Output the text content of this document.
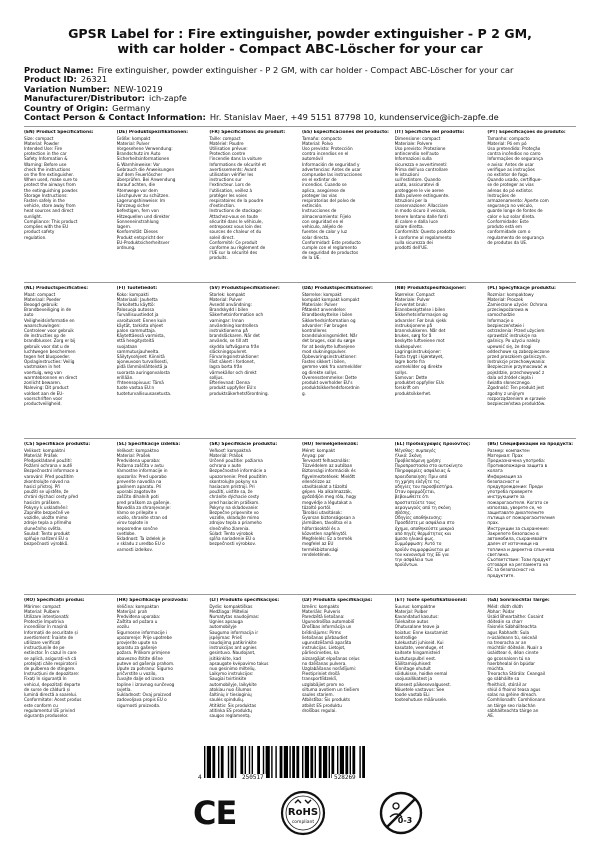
GPSR Label for : Fire extinguisher, powder extinguisher - P 2 GM,
with car holder - Compact ABC-Löscher for your car
Product Name: Fire extinguisher, powder extinguisher - P 2 GM, with car holder - Compact ABC-Löscher for your car
Product ID: 26321
Variation Number: NEW-10219
Manufacturer/Distributor: ich-zapfe
Country of Origin: Germany
Contact Person & Contact Information: Hr. Stanislav Maer, +49 5151 87798 10, kundenservice@ich-zapfe.de
(EN) Product Specifications:
Size: compact
Material: Powder
Intended Use: Fire
protection in the car
Safety Information &
Warning: Before use
check the instructions
on the fire extinguisher.
When used, make sure to
protect the airways from
the extinguishing powder.
Storage Instructions:
Fasten safely in the
vehicle, store away from
heat sources and direct
sunlight.
Compliance: This product
complies with the EU
product safety
regulation.
(DE) Produktspezifikationen:
Größe: kompakt
Material: Pulver
Vorgesehene Verwendung:
Brandschutz im Auto
Sicherheitsinformationen
& Warnhinweise: Vor
Gebrauch die Anweisungen
auf dem Feuerlöscher
überprüfen. Bei Anwendung
darauf achten, die
Atemwege vor dem
Löschpulver zu schützen.
Lagerungshinweise: Im
Fahrzeug sicher
befestigen, fern von
Hitzequellen und direkter
Sonneneinstrahlung
lagern.
Konformität: Dieses
Produkt entspricht der
EU-Produktsicherheitsver
ordnung.
(FR) Spécifications du produit:
Taille: compact
Matériel: Poudre
Utilisation prévue:
Protection contre
l'incendie dans la voiture
Informations de sécurité et
avertissements: Avant
utilisation vérifier les
instructions sur
l'extincteur. Lors de
l'utilisation, veillez à
protéger les voies
respiratoires de la poudre
d'extinction.
Instructions de stockage:
Attachez-vous en toute
sécurité dans le véhicule,
entreposez vous loin des
sources de chaleur et du
soleil direct.
Conformité: Ce produit
conforme au règlement de
l'UE sur la sécurité des
produits.
(ES) Especificaciones del producto:
Tamaño: compacto
Material: Polvo
Uso previsto: Protección
contra incendios en el
automóvil
Información de seguridad y
advertencias: Antes de usar
compruebe las instrucciones
en el extintor de
incendios. Cuando se
aplica, asegúrese de
proteger las vías
respiratorias del polvo de
extinción.
Instrucciones de
almacenamiento: Fíjelo
con seguridad en el
vehículo, aléjelo de
fuentes de calor y luz
solar directa.
Conformidad: Este producto
cumple con el reglamento
de seguridad de productos
de la UE.
(IT) Specifiche del prodotto:
Dimensione: compact
Materiale: Polvere
Uso previsto: Protezione
antincendio nell'auto
Informazioni sulla
sicurezza e avvertimenti:
Prima dell'uso controllare
le istruzioni
sull'estintore. Quando
usato, assicuratevi di
proteggere le vie aeree
dalla polvere estinguente.
Istruzioni per la
conservazione: Allacciare
in modo sicuro il veicolo,
tenere lontano dalle fonti
di calore e dalla luce
solare diretta.
Conformità: Questo prodotto
è conforme al regolamento
sulla sicurezza dei
prodotti dell'UE.
(PT) Especificações do produto:
Tamanho: compacto
Material: Pó em pó
Uso pretendido: Proteção
contra incêndios no carro
Informações de segurança
e aviso: Antes de usar
verifique as instruções
no extintor de fogo.
Quando usado, certifique-
se de proteger as vias
aéreas do pó extintor.
Instruções de
armazenamento: Aperte com
segurança no veículo,
guarde longe de fontes de
calor e luz solar direta.
Conformidade: Este
produto está em
conformidade com o
regulamento de segurança
de produtos da UE.
(NL) Productspecificaties:
Maat: compact
Materiaal: Poeder
Beoogd gebruik:
Brandbeveiliging in de
auto
Veiligheidsinformatie en
waarschuwingen:
Controleer voor gebruik
de instructies op de
brandblusser. Zorg er bij
gebruik voor dat u de
luchtwegen beschermen
tegen het bluspoeder.
Opslaginstructies: Veilig
vastmaken in het
voertuig, weg van
warmtebronnen en direct
zonlicht bewaren.
Naleving: Dit product
voldoet aan de EU-
voorschriften voor
productveiligheid.
(FI) Tuotetiedot:
Koko: kompakti
Materiaali: Jauhetta
Tarkoitettu käyttö:
Palosuoja autossa
Turvallisuustiedot ja
varoitukset: Ennen kuin
käytät, tarkista ohjeet
palon sammuttaja.
Käytettäessä varmista,
että hengitysteitä
suojataan
sammutusjauheelta.
Säilytysohjeet: Kiinnitä
ajoneuvoon turvallisesti,
pidä lämmönlähteistä ja
suorasta auringonvalosta
erillään.
Yhteensopivuus: Tämä
tuote vastaa EU:n
tuoteturvallisuusasetusta.
(SV) Produktspecifikationer:
Storlek: kompakt
Material: Pulver
Avsedd användning:
Brandskydd i bilen
Säkerhetsinformation och
varningar: Innan
användning kontrollera
instruktionerna på
brandsläckaren. När det
används, se till att
skydda luftvägarna från
släckningspulvret.
Förvaringsinstruktioner:
Fäst säkert i fordonet,
lagra borta från
värmekällor och direkt
solljus.
Efterlevnad: Denna
produkt uppfyller EU:s
produktsäkerhetsförordning.
(DA) Produktspecifikationer:
Størrelse: kompakt
kompakt kompakt kompakt
Materiale: Pulver
Påtænkt anvendelse:
Brandbeskyttelse i bilen
Sikkerhedsinformation og
advarsler: Før brugen
kontrolleres
brandslukningsmidlet. Når
det bruges, skal du sørge
for at beskytte luftvejene
mod slukningspulver.
Opbevaringsinstruktioner:
Fastes sikkert i bilen,
gemme væk fra varmekilder
og direkte sollys.
Overensstemmelse: Dette
produkt overholder EU's
produktsikkerhedsforordnin
g.
(NB) Produktspesifikasjoner:
Størrelse: Compact
Materiale: Pulver
Forventet bruk:
Brannbeskyttelse i bilen
Sikkerhetsinformasjon og
advarsler: Før bruk sjekk
instruksjonene på
brannslukkeren. Når det
brukes, sørg for å
beskytte luftveiene mot
slukkepulver.
Lagringsinstruksjoner:
Fasta trygt i kjøretøyet,
lagre borte fra
varmekilder og direkte
sollys.
Samsvar: Dette
produktet oppfyller EUs
forskrift om
produktsikkerhet.
(PL) Specyfikacje produktu:
Rozmiar: kompaktowy
Materiał: Proszek
Zamierzone użycie: Ochrona
przeciwpożarowa w
samochodzie
Informacje o
bezpieczeństwie i
ostrzeżenia: Przed użyciem
sprawdzić instrukcje na
gaśnicy. Po użyciu należy
upewnić się, że drogi
oddechowe są zabezpieczone
przed proszkiem gaśniczym.
Instrukcje przechowywania:
Bezpiecznie przymocować w
pojeździe, przechowywać z
dala od źródeł ciepła i
światła słonecznego.
Zgodność: Ten produkt jest
zgodny z unijnym
rozporządzeniem w sprawie
bezpieczeństwa produktów.
(CS) Specifikace produktu:
Velikost: kompaktní
Materiál: Prášek
Předpokládané použití:
Požární ochrana v autě
Bezpečnostní informace a
varování: Před použitím
zkontrolujte návod na
hasicí přístroj. Při
použití se ujistěte, že
chrání dýchací cesty před
hasicím práškem.
Pokyny k uskladnění:
Zapněte bezpečně ve
vozidle, uložte mimo
zdroje tepla a přímého
slunečního světla.
Soulad: Tento produkt
splňuje nařízení EU o
bezpečnosti výrobků.
(SL) Specifikacije izdelka:
Velikost: kompaktno
Material: Prašek
Predvidena uporaba:
Požarna zaščita v avtu
Varnostne informacije in
opozorila: Pred uporabo
preverite navodila na
gasilnem aparatu. Pri
uporabi zagotovite
zaščito dihalnih poti
pred praškom za gašenje.
Navodila za shranjevanje:
Varno se prilepite v
vozilo, shranite stran od
virov toplote in
neposredne sončne
svetlobe.
Skladnost: Ta izdelek je
v skladu z uredbo EU o
varnosti izdelkov.
(SK) Špecifikácie produktu:
Veľkosť: kompaktná
Materiál: Prášok
Určené použitie: požiarna
ochrana v aute
Bezpečnostné informácie a
upozornenie: Pred použitím
skontrolujte pokyny na
hasiacom prístroji. Pri
použití, uistite sa, že
chránite dýchacie cesty
pred hasiacim práškom.
Pokyny na skladovanie:
Bezpečne pripevnite vo
vozidle, skladujte mimo
zdrojov tepla a priameho
slnečného žiarenia.
Súlad: Tento výrobok
spĺňa nariadenie EÚ o
bezpečnosti výrobkov.
(HU) Termékjellemzők:
Méret: kompakt
Anyag: por
Tervezett felhasználás:
Tűzvédelem az autóban
Biztonsági információk és
figyelmeztetések: Mielőtt
ellenőrizze az
utasításokat a tűzoltó
gépen. Ha alkalmazzák,
győződjön meg róla, hogy
megvédje a légutakat a
tűzoltó portól.
Tárolási utasítások:
Gyorsan biztonságosan a
járműben, távolítsa el a
hőforrásoktól és a
közvetlen napfénytől.
Megfelelés: Ez a termék
megfelel az EU
termékbiztonsági
rendeletének.
(EL) Προδιαγραφές προϊόντος:
Μέγεθος: συμπαγές
Υλικό: Σκόνη
Προβλεπόμενη χρήση:
Πυροπροστασία στο αυτοκίνητο
Πληροφορίες ασφάλειας &
προειδοποίηση: Πριν από
τη χρήση ελέγξτε τις
οδηγίες του πυροσβεστήρα.
Όταν εφαρμόζεται,
βεβαιωθείτε ότι
προστατεύετε τους
αεραγωγούς από τη σκόνη
σβέσης.
Οδηγίες αποθήκευσης:
Προσδέστε με ασφάλεια στο
όχημα, αποθηκεύστε μακριά
από πηγές θερμότητας και
άμεσο ηλιακό φως.
Συμμόρφωση: Αυτό το
προϊόν συμμορφώνεται με
τον κανονισμό της ΕΕ για
την ασφάλεια των
προϊόντων.
(BG) Спецификации на продукта:
Размер: компактен
Материал: Прах
Предназначена употреба:
Противопожарна защита в
колата
Информация за
безопасност и
предупреждение: Преди
употреба проверете
инструкциите за
пожарогасителя. Когато се
използва, уверете се, че
защитавате дихателните
пътища от пожарогасителния
прах.
Инструкции за съхранение:
Закрепете безопасно в
автомобила, съхранявайте
далеч от източници на
топлина и директна слънчева
светлина.
Съответствие: Този продукт
отговаря на регламента на
ЕС за безопасност на
продуктите.
(RO) Specificații produs:
Mărime: compact
Material: Pulbere
Utilizare intenționată:
Protecție împotriva
incendiilor în mașină
Informații de securitate și
avertisment: Înainte de
utilizare verificați
instrucțiunile de pe
extinctor. În cazul în care
se aplică, asigurați-vă că
protejați căile respiratorii
de pulberea de stingere.
Instrucțiuni de depozitare:
Fixați în siguranță în
vehicul, depozitați departe
de surse de căldură și
lumină directă a soarelui.
Conformitate: Acest produs
este conform cu
regulamentul UE privind
siguranța produselor.
(HR) Specifikacije proizvoda:
Veličina: kompaktan
Materijal: prah
Predviđena uporaba:
Zaštita od požara u
vozilu
Sigurnosne informacije i
upozorenje: Prije upotrebe
provjerite upute na
aparatu za gašenje
požara. Prilikom primjene
obavezno štitite dišne
puteve od gašenja prahom.
Upute za pohranu: Sigurno
pričvrstite u vozilo,
čuvajte dalje od izvora
topline i izravnog sunčevog
svjetla.
Sukladnost: Ovaj proizvod
zadovoljava propis EU o
sigurnosti proizvoda.
(LT) Produkto specifikacijos:
Dydis: kompaktiškas
Medžiaga: Milteliai
Numatytas naudojimas:
Ugnies apsauga
automobilyje
Saugumo informacija ir
įspėjimas: Prieš
naudojimą patikrinkite
instrukcijas ant ugnies
gesintuvo. Naudojant,
įsitikinkite, kad
apsaugote kvėpavimo takus
nuo gesinimo miltelių.
Laikymo instrukcijos:
Saugiai tvirtinkite
automobilyje, laikykite
atokiau nuo šilumos
šaltinių ir tiesioginių
saulės spindulių.
Atitiktis: Šis produktas
atitinka ES produktų
saugos reglamentą.
(LV) Produkta specifikācijas:
Izmērs: kompakts
Materiāls: Pulveris
Paredzētā lietošana:
Ugunsdrošība automobilī
Drošības informācija un
brīdinājums: Pirms
lietošanas pārbaudiet
ugunsdzēšamā aparāta
instrukcijas. Lietojot,
pārliecinieties, ka
aizsargājat elpošanas ceļus
no dzēšanas pulvera.
Uzglabāšanas norādījumi:
Piestipriniet drošā
transportlīdzeklī,
uzglabājiet prom no
siltuma avotiem un tiešiem
saules stariem.
Atbilstība: Šis produkts
atbilst ES produktu
drošības regulai.
(ET) Toote spetsifikatsioonid:
Suurus: kompaktne
Materjal: Pulber
Kavandatud kasutus:
Tulekaitse autos
Ohutusalane teave ja
hoiatus: Enne kasutamist
kontrollige
tulekustuti juhiseid. Kui
kasutate, veenduge, et
kaitsete hingamisteid
kustutuspulbri eest.
Säilitamisjuhised:
Kinnitage ohutult
sõidukisse, hoidke eemal
soojusallikatest ja
otsesest päikesevalgusest.
Nõuetele vastavus: See
toode vastab ELi
tooteohutuse määrusele.
(GA) Sonraíochtaí Táirge:
Méid: dlúth dlúth
Ábhar: Púdar
Úsáid Bheartaithe: Cosaint
dóiteáin sa charr
Faisnéis Sábháilteachta
agus Rabhadh: Sula
n-úsáideann tú, seiceáil
na treoracha ar an
múchtóir dóiteáin. Nuair a
úsáidtear é, déan cinnte
go gcosnaíonn tú na
haerbhealaí ón bpúdar
múchta.
Treoracha Stórála: Ceangail
go sábháilte sa
fheithicil, stóráil ar
shiúl ó fhoinsí teasa agus
solas na gréine díreach.
Comhlíonadh: Comhlíonann
an táirge seo rialachán
sábháilteachta táirge an
AE.
4	250517	528269
CE	RoHS
compliant	0-3
